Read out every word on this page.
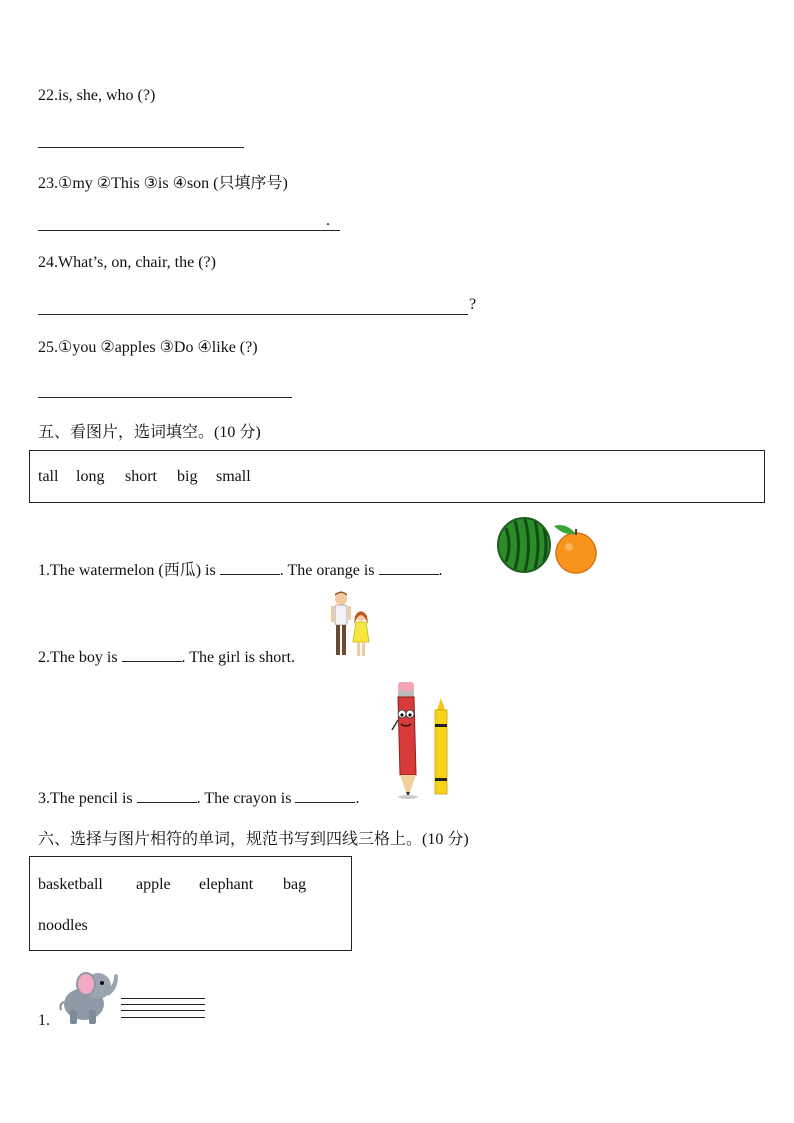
22.is, she, who (?)
23.①my ②This ③is ④son (只填序号)
.
24.What’s, on, chair, the (?)
?
25.①you ②apples ③Do ④like (?)
五、看图片，选词填空。(10 分)
tall long short big small
1.The watermelon (西瓜) is	. The orange is	.
2.The boy is	. The girl is short.
3.The pencil is	. The crayon is	.
六、选择与图片相符的单词，规范书写到四线三格上。(10 分)
basketball apple elephant bag
noodles
1.
